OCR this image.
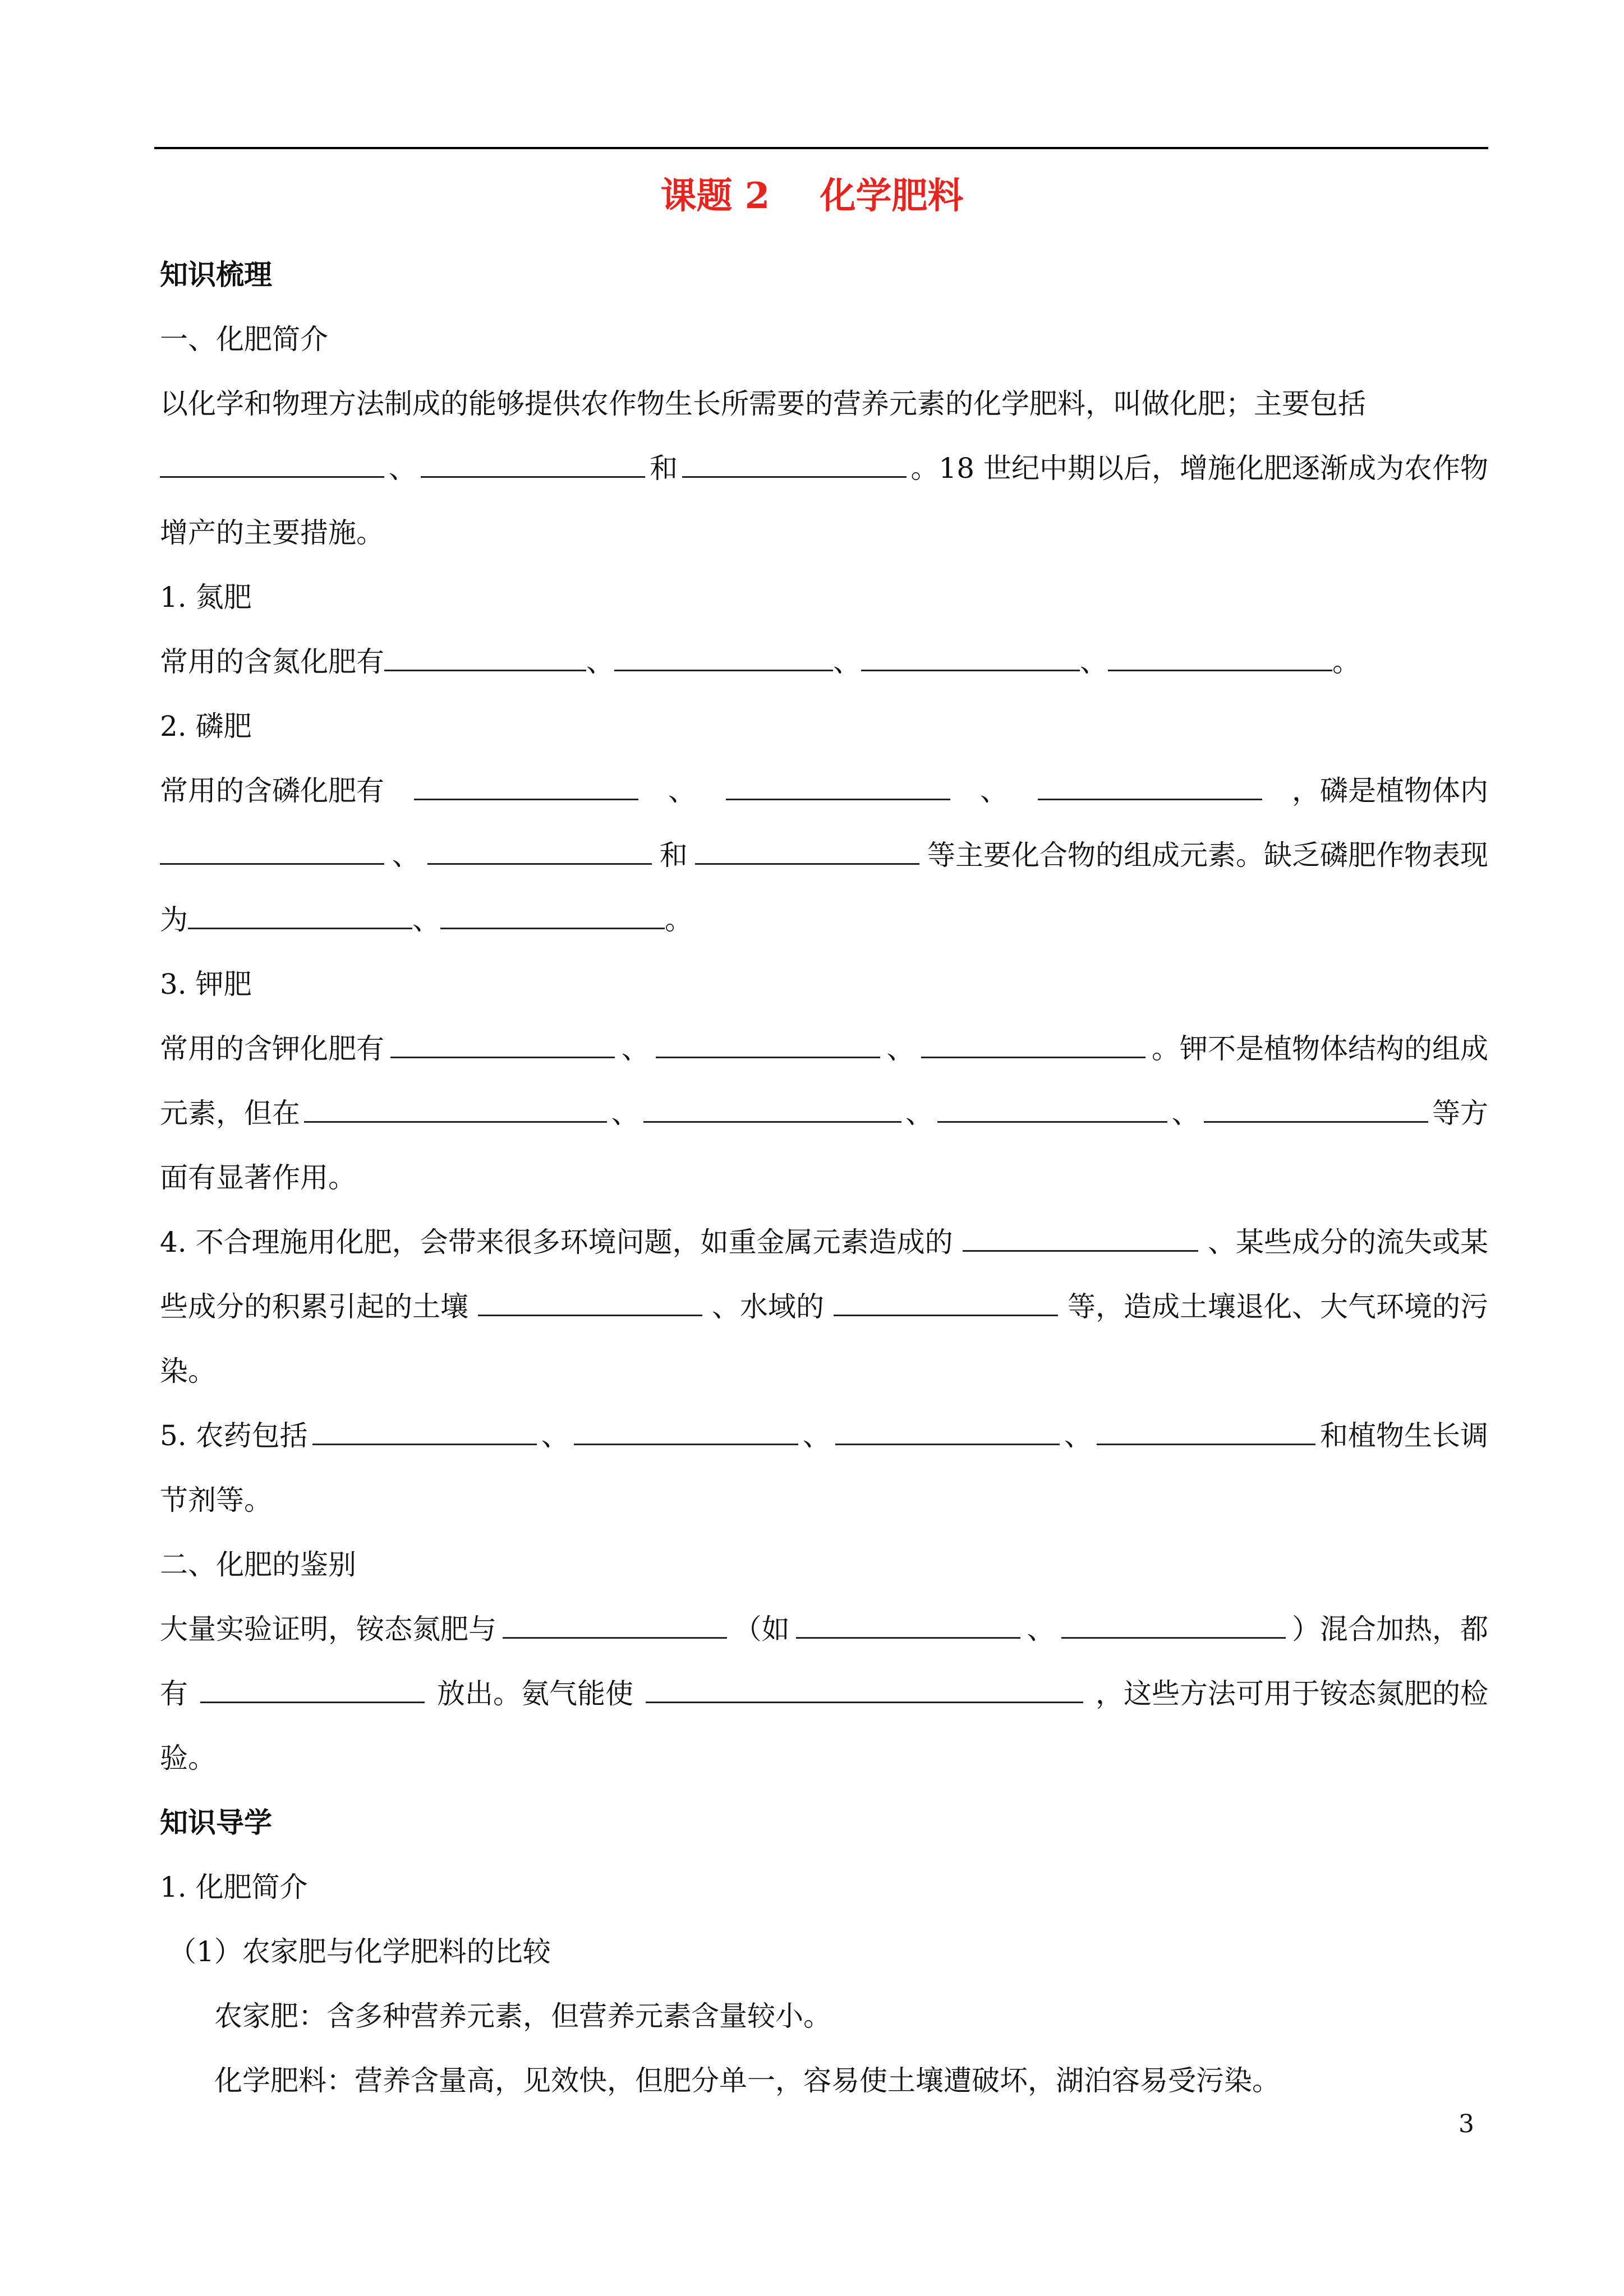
课题 2    化学肥料
知识梳理
一、化肥简介
以化学和物理方法制成的能够提供农作物生长所需要的营养元素的化学肥料，叫做化肥；主要包括
、	和	。18 世纪中期以后，增施化肥逐渐成为农作物
增产的主要措施。
1. 氮肥
常用的含氮化肥有	、	、	、	。
2. 磷肥
常用的含磷化肥有	、	、	，磷是植物体内
、	和	等主要化合物的组成元素。缺乏磷肥作物表现
为	、	。
3. 钾肥
常用的含钾化肥有	、	、	。钾不是植物体结构的组成
元素，但在	、	、	、	等方
面有显著作用。
4. 不合理施用化肥，会带来很多环境问题，如重金属元素造成的	、某些成分的流失或某
些成分的积累引起的土壤	、水域的	等，造成土壤退化、大气环境的污
染。
5. 农药包括	、	、	、	和植物生长调
节剂等。
二、化肥的鉴别
大量实验证明，铵态氮肥与	（如	、	）混合加热，都
有	放出。氨气能使	，这些方法可用于铵态氮肥的检
验。
知识导学
1. 化肥简介
（1）农家肥与化学肥料的比较
农家肥：含多种营养元素，但营养元素含量较小。
化学肥料：营养含量高，见效快，但肥分单一，容易使土壤遭破坏，湖泊容易受污染。
3
